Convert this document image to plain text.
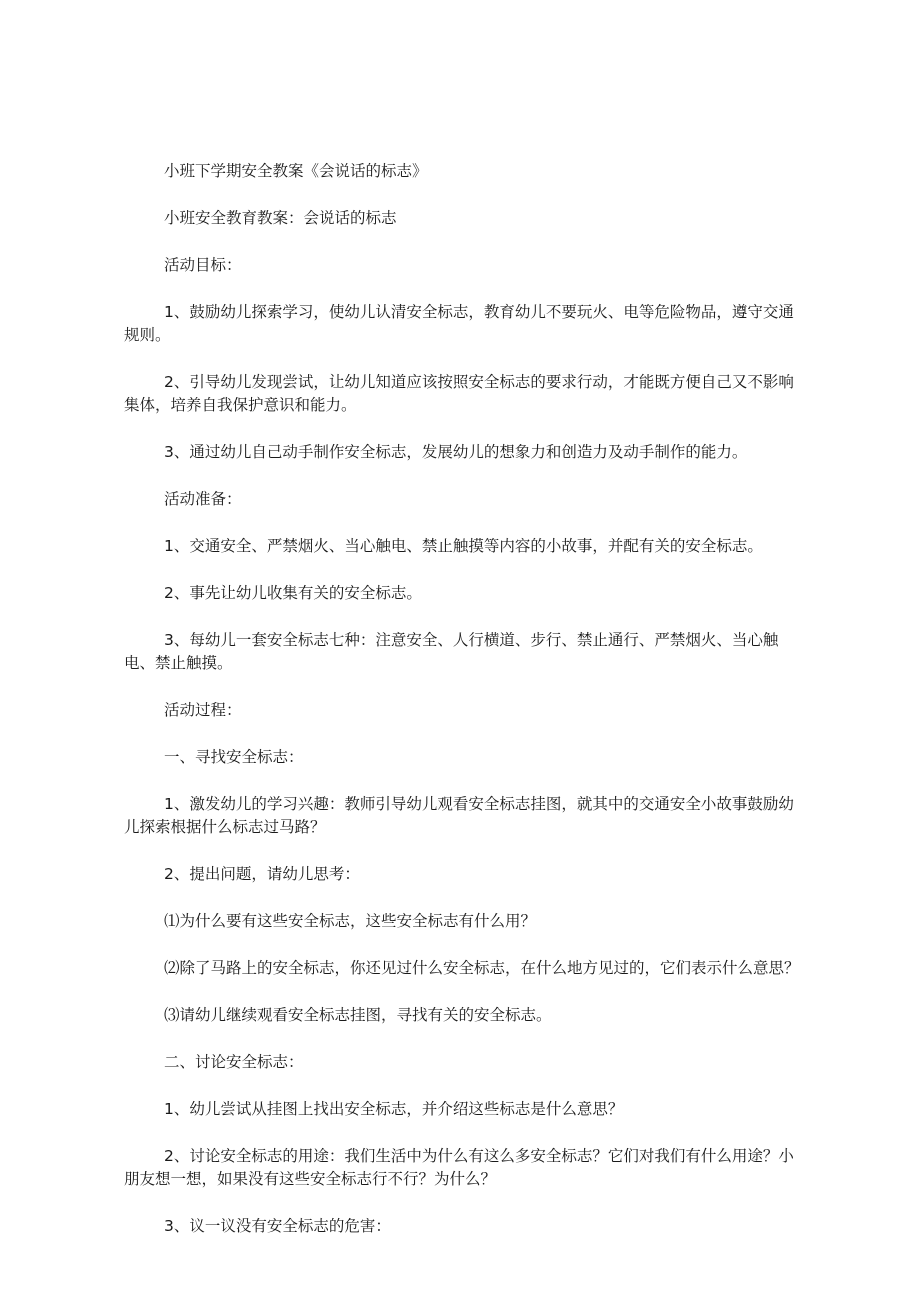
小班下学期安全教案《会说话的标志》

小班安全教育教案：会说话的标志

活动目标：

1、鼓励幼儿探索学习，使幼儿认清安全标志，教育幼儿不要玩火、电等危险物品，遵守交通规则。

2、引导幼儿发现尝试，让幼儿知道应该按照安全标志的要求行动，才能既方便自己又不影响集体，培养自我保护意识和能力。

3、通过幼儿自己动手制作安全标志，发展幼儿的想象力和创造力及动手制作的能力。

活动准备：

1、交通安全、严禁烟火、当心触电、禁止触摸等内容的小故事，并配有关的安全标志。

2、事先让幼儿收集有关的安全标志。

3、每幼儿一套安全标志七种：注意安全、人行横道、步行、禁止通行、严禁烟火、当心触电、禁止触摸。

活动过程：

一、寻找安全标志：

1、激发幼儿的学习兴趣：教师引导幼儿观看安全标志挂图，就其中的交通安全小故事鼓励幼儿探索根据什么标志过马路？

2、提出问题，请幼儿思考：

⑴为什么要有这些安全标志，这些安全标志有什么用？

⑵除了马路上的安全标志，你还见过什么安全标志，在什么地方见过的，它们表示什么意思？

⑶请幼儿继续观看安全标志挂图，寻找有关的安全标志。

二、讨论安全标志：

1、幼儿尝试从挂图上找出安全标志，并介绍这些标志是什么意思？

2、讨论安全标志的用途：我们生活中为什么有这么多安全标志？它们对我们有什么用途？小朋友想一想，如果没有这些安全标志行不行？为什么？

3、议一议没有安全标志的危害：
